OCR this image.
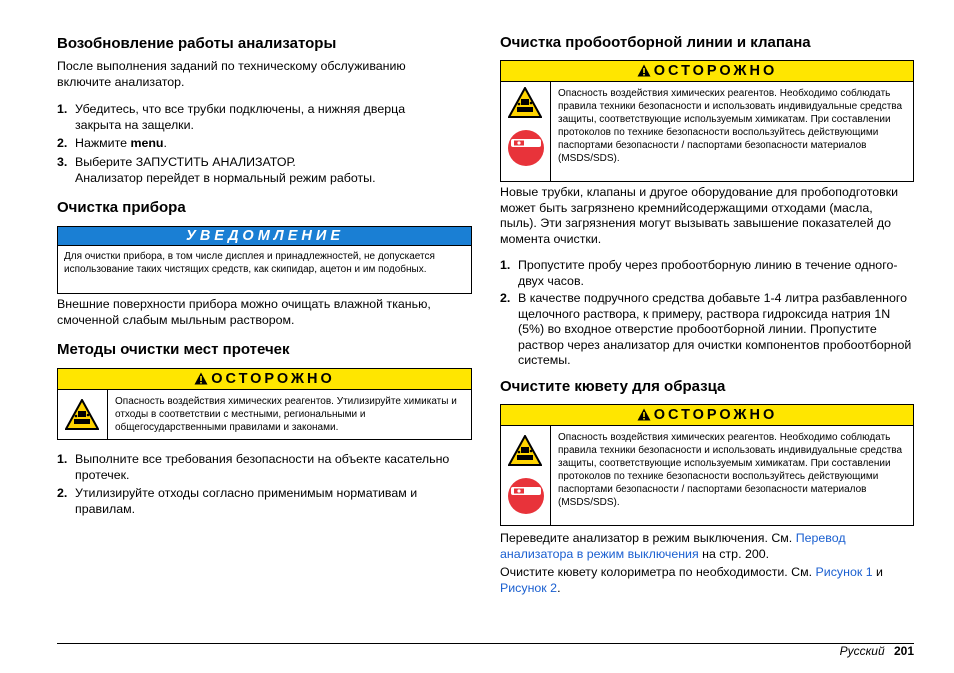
Возобновление работы анализаторы

После выполнения заданий по техническому обслуживанию включите анализатор.

1. Убедитесь, что все трубки подключены, а нижняя дверца закрыта на защелки.
2. Нажмите menu.
3. Выберите ЗАПУСТИТЬ АНАЛИЗАТОР.
Анализатор перейдет в нормальный режим работы.
Очистка прибора
УВЕДОМЛЕНИЕ
Для очистки прибора, в том числе дисплея и принадлежностей, не допускается использование таких чистящих средств, как скипидар, ацетон и им подобных.

Внешние поверхности прибора можно очищать влажной тканью, смоченной слабым мыльным раствором.

Методы очистки мест протечек
ОСТОРОЖНО
Опасность воздействия химических реагентов. Утилизируйте химикаты и отходы в соответствии с местными, региональными и общегосударственными правилами и законами.
1. Выполните все требования безопасности на объекте касательно протечек.
2. Утилизируйте отходы согласно применимым нормативам и правилам.
Очистка пробоотборной линии и клапана
ОСТОРОЖНО
Опасность воздействия химических реагентов. Необходимо соблюдать правила техники безопасности и использовать индивидуальные средства защиты, соответствующие используемым химикатам. При составлении протоколов по технике безопасности воспользуйтесь действующими паспортами безопасности / паспортами безопасности материалов (MSDS/SDS).

Новые трубки, клапаны и другое оборудование для пробоподготовки может быть загрязнено кремнийсодержащими отходами (масла, пыль). Эти загрязнения могут вызывать завышение показателей до момента очистки.

1. Пропустите пробу через пробоотборную линию в течение одного-двух часов.
2. В качестве подручного средства добавьте 1-4 литра разбавленного щелочного раствора, к примеру, раствора гидроксида натрия 1N (5%) во входное отверстие пробоотборной линии. Пропустите раствор через анализатор для очистки компонентов пробоотборной системы.
Очистите кювету для образца
ОСТОРОЖНО
Опасность воздействия химических реагентов. Необходимо соблюдать правила техники безопасности и использовать индивидуальные средства защиты, соответствующие используемым химикатам. При составлении протоколов по технике безопасности воспользуйтесь действующими паспортами безопасности / паспортами безопасности материалов (MSDS/SDS).

Переведите анализатор в режим выключения. См. Перевод анализатора в режим выключения на стр. 200.

Очистите кювету колориметра по необходимости. См. Рисунок 1 и Рисунок 2.

Русский 201
